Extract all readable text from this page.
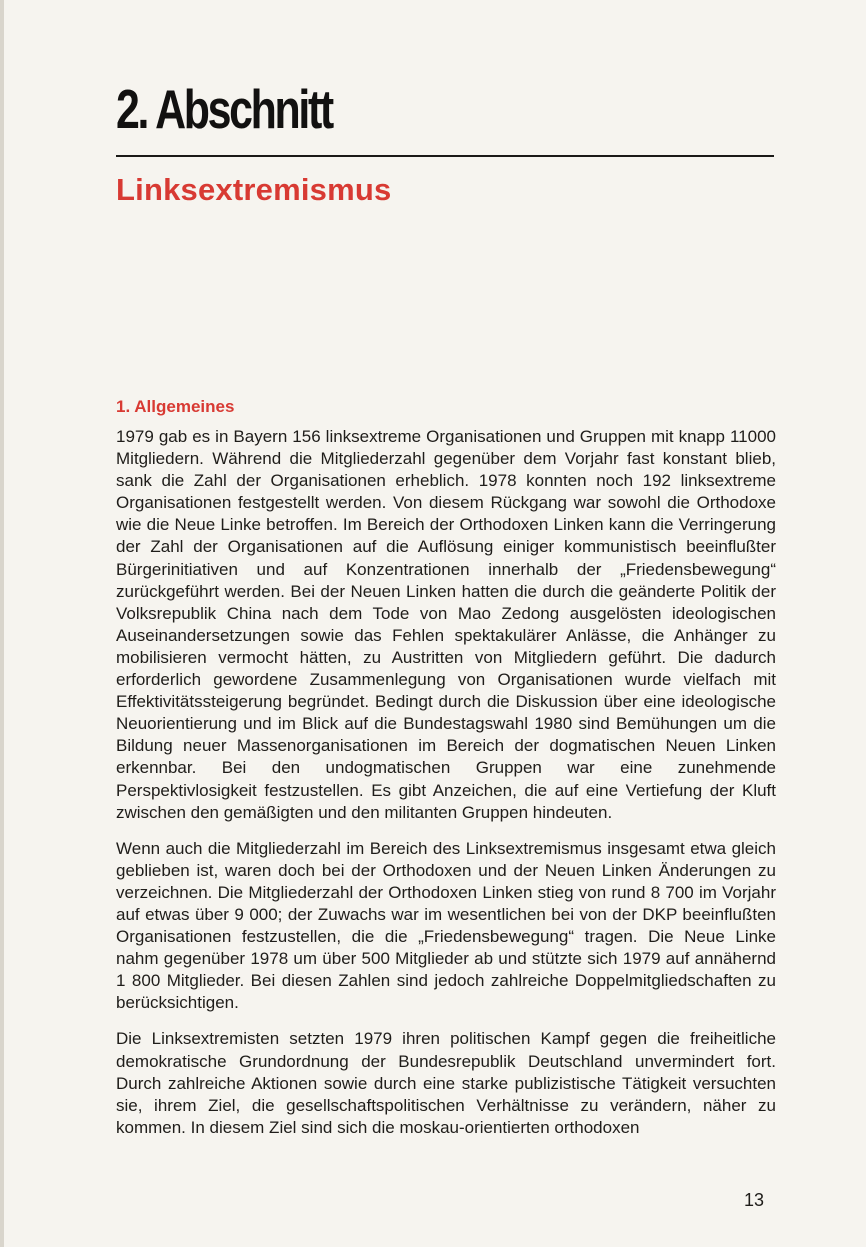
2. Abschnitt
Linksextremismus
1. Allgemeines

1979 gab es in Bayern 156 linksextreme Organisationen und Gruppen mit knapp 11000 Mitgliedern. Während die Mitgliederzahl gegenüber dem Vorjahr fast konstant blieb, sank die Zahl der Organisationen erheblich. 1978 konnten noch 192 linksextreme Organisationen festgestellt werden. Von diesem Rückgang war sowohl die Orthodoxe wie die Neue Linke betroffen. Im Bereich der Orthodoxen Linken kann die Verringerung der Zahl der Organisationen auf die Auflösung einiger kommunistisch beeinflußter Bürgerinitiativen und auf Konzentrationen innerhalb der „Friedensbewegung“ zurückgeführt werden. Bei der Neuen Linken hatten die durch die geänderte Politik der Volksrepublik China nach dem Tode von Mao Zedong ausgelösten ideologischen Auseinandersetzungen sowie das Fehlen spektakulärer Anlässe, die Anhänger zu mobilisieren vermocht hätten, zu Austritten von Mitgliedern geführt. Die dadurch erforderlich gewordene Zusammenlegung von Organisationen wurde vielfach mit Effektivitätssteigerung begründet. Bedingt durch die Diskussion über eine ideologische Neuorientierung und im Blick auf die Bundestagswahl 1980 sind Bemühungen um die Bildung neuer Massenorganisationen im Bereich der dogmatischen Neuen Linken erkennbar. Bei den undogmatischen Gruppen war eine zunehmende Perspektivlosigkeit festzustellen. Es gibt Anzeichen, die auf eine Vertiefung der Kluft zwischen den gemäßigten und den militanten Gruppen hindeuten.

Wenn auch die Mitgliederzahl im Bereich des Linksextremismus insgesamt etwa gleich geblieben ist, waren doch bei der Orthodoxen und der Neuen Linken Änderungen zu verzeichnen. Die Mitgliederzahl der Orthodoxen Linken stieg von rund 8 700 im Vorjahr auf etwas über 9 000; der Zuwachs war im wesentlichen bei von der DKP beeinflußten Organisationen festzustellen, die die „Friedensbewegung“ tragen. Die Neue Linke nahm gegenüber 1978 um über 500 Mitglieder ab und stützte sich 1979 auf annähernd 1 800 Mitglieder. Bei diesen Zahlen sind jedoch zahlreiche Doppelmitgliedschaften zu berücksichtigen.

Die Linksextremisten setzten 1979 ihren politischen Kampf gegen die freiheitliche demokratische Grundordnung der Bundesrepublik Deutschland unvermindert fort. Durch zahlreiche Aktionen sowie durch eine starke publizistische Tätigkeit versuchten sie, ihrem Ziel, die gesellschaftspolitischen Verhältnisse zu verändern, näher zu kommen. In diesem Ziel sind sich die moskau-orientierten orthodoxen

13
